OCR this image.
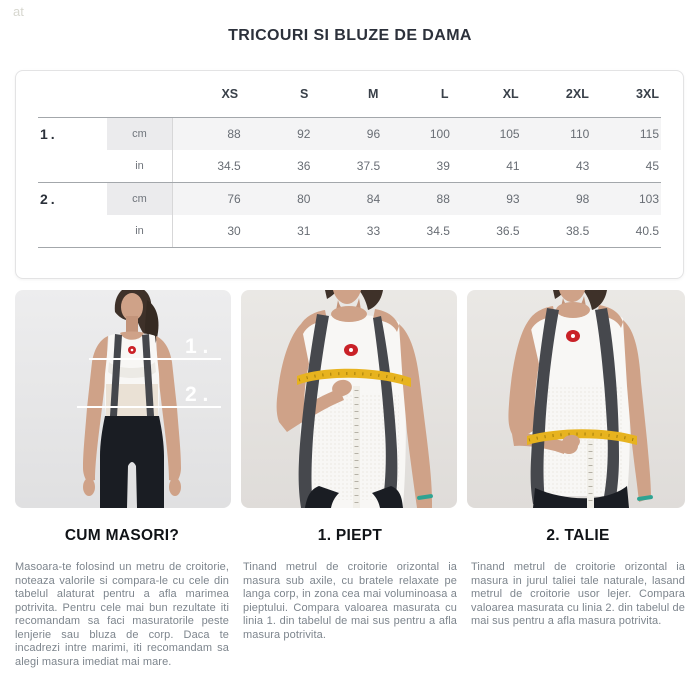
at
TRICOURI SI BLUZE DE DAMA
XS	S	M	L	XL	2XL	3XL
1.	cm	88	92	96	100	105	110	115
in	34.5	36	37.5	39	41	43	45
2.	cm	76	80	84	88	93	98	103
in	30	31	33	34.5	36.5	38.5	40.5
1 .
2 .
CUM MASORI?

Masoara-te folosind un metru de croitorie, noteaza valorile si compara-le cu cele din tabelul alaturat pentru a afla marimea potrivita. Pentru cele mai bun rezultate iti recomandam sa faci masuratorile peste lenjerie sau bluza de corp. Daca te incadrezi intre marimi, iti recomandam sa alegi masura imediat mai mare.

1. PIEPT

Tinand metrul de croitorie orizontal ia masura sub axile, cu bratele relaxate pe langa corp, in zona cea mai voluminoasa a pieptului. Compara valoarea masurata cu linia 1. din tabelul de mai sus pentru a afla masura potrivita.

2. TALIE

Tinand metrul de croitorie orizontal ia masura in jurul taliei tale naturale, lasand metrul de croitorie usor lejer. Compara valoarea masurata cu linia 2. din tabelul de mai sus pentru a afla masura potrivita.
